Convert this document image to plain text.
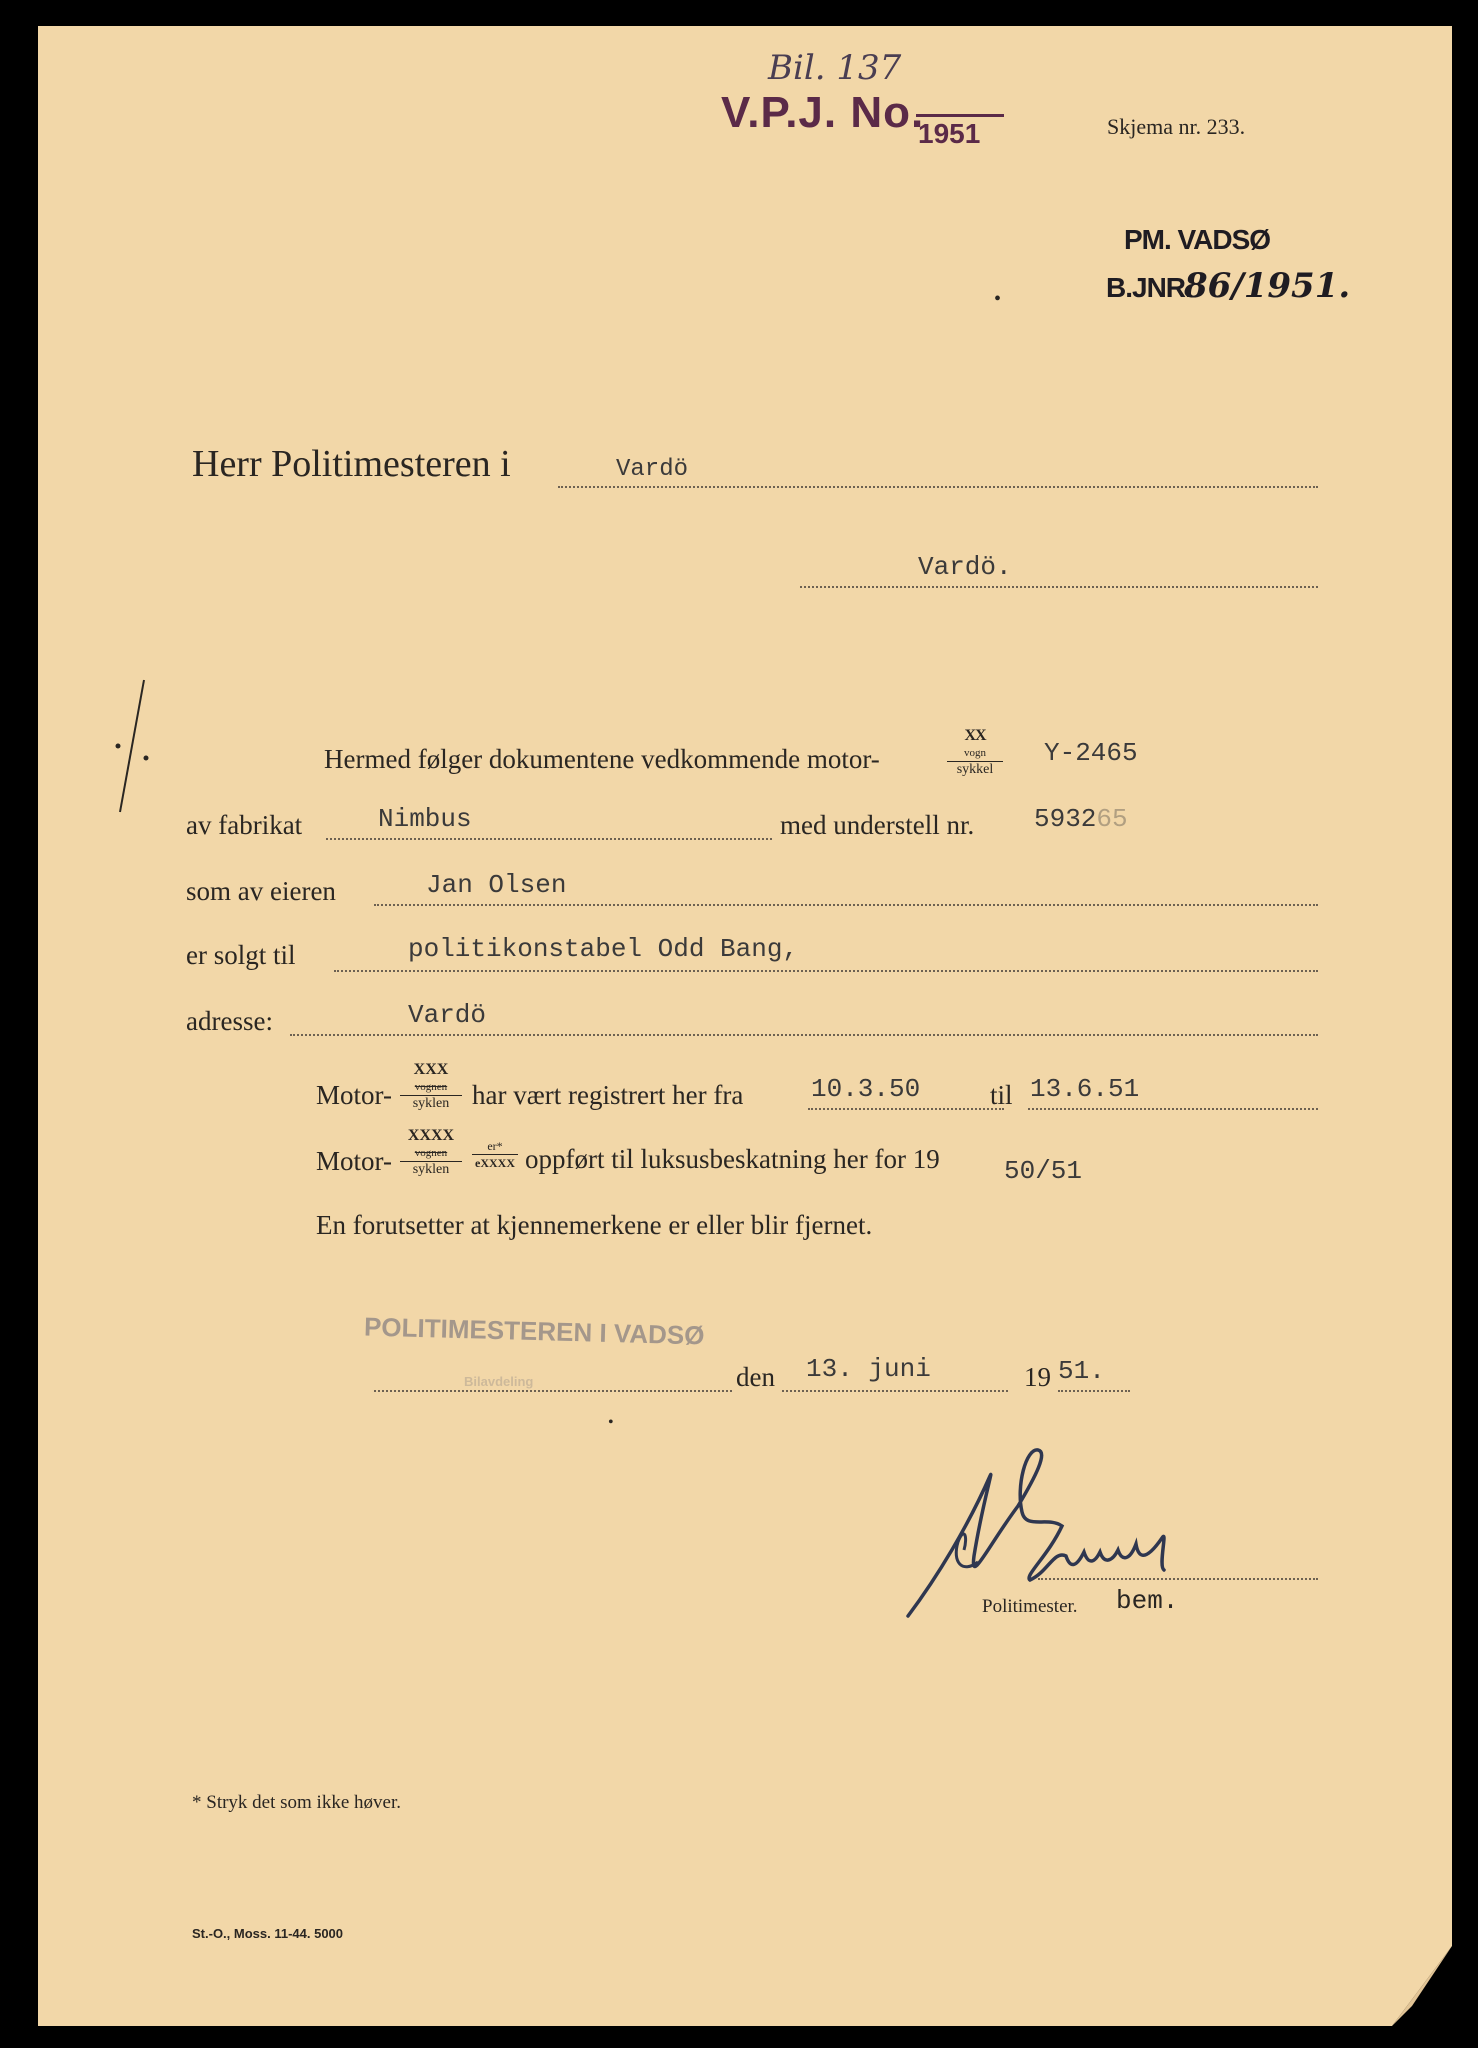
Bil. 137
V.P.J. No.
1951	Skjema nr. 233.
PM. VADSØ
B.JNR.
86/1951.
•
Herr Politimesteren i	Vardö
Vardö.
Hermed følger dokumentene vedkommende motor-
XX
vogn
sykkel
Y-2465
av fabrikat	Nimbus	med understell nr. 593265
som av eieren	Jan Olsen
er solgt til	politikonstabel Odd Bang,
adresse:	Vardö
Motor-
XXX
vognen
syklen har vært registrert her fra	10.3.50	til 13.6.51
Motor-
XXXX
vognen
syklen
er*
eXXXX oppført til luksusbeskatning her for 19 50/51
En forutsetter at kjennemerkene er eller blir fjernet.
POLITIMESTEREN I VADSØ
Bilavdeling	den 13. juni	19 51.
•
Politimester. bem.
* Stryk det som ikke høver.
St.-O., Moss. 11-44. 5000
